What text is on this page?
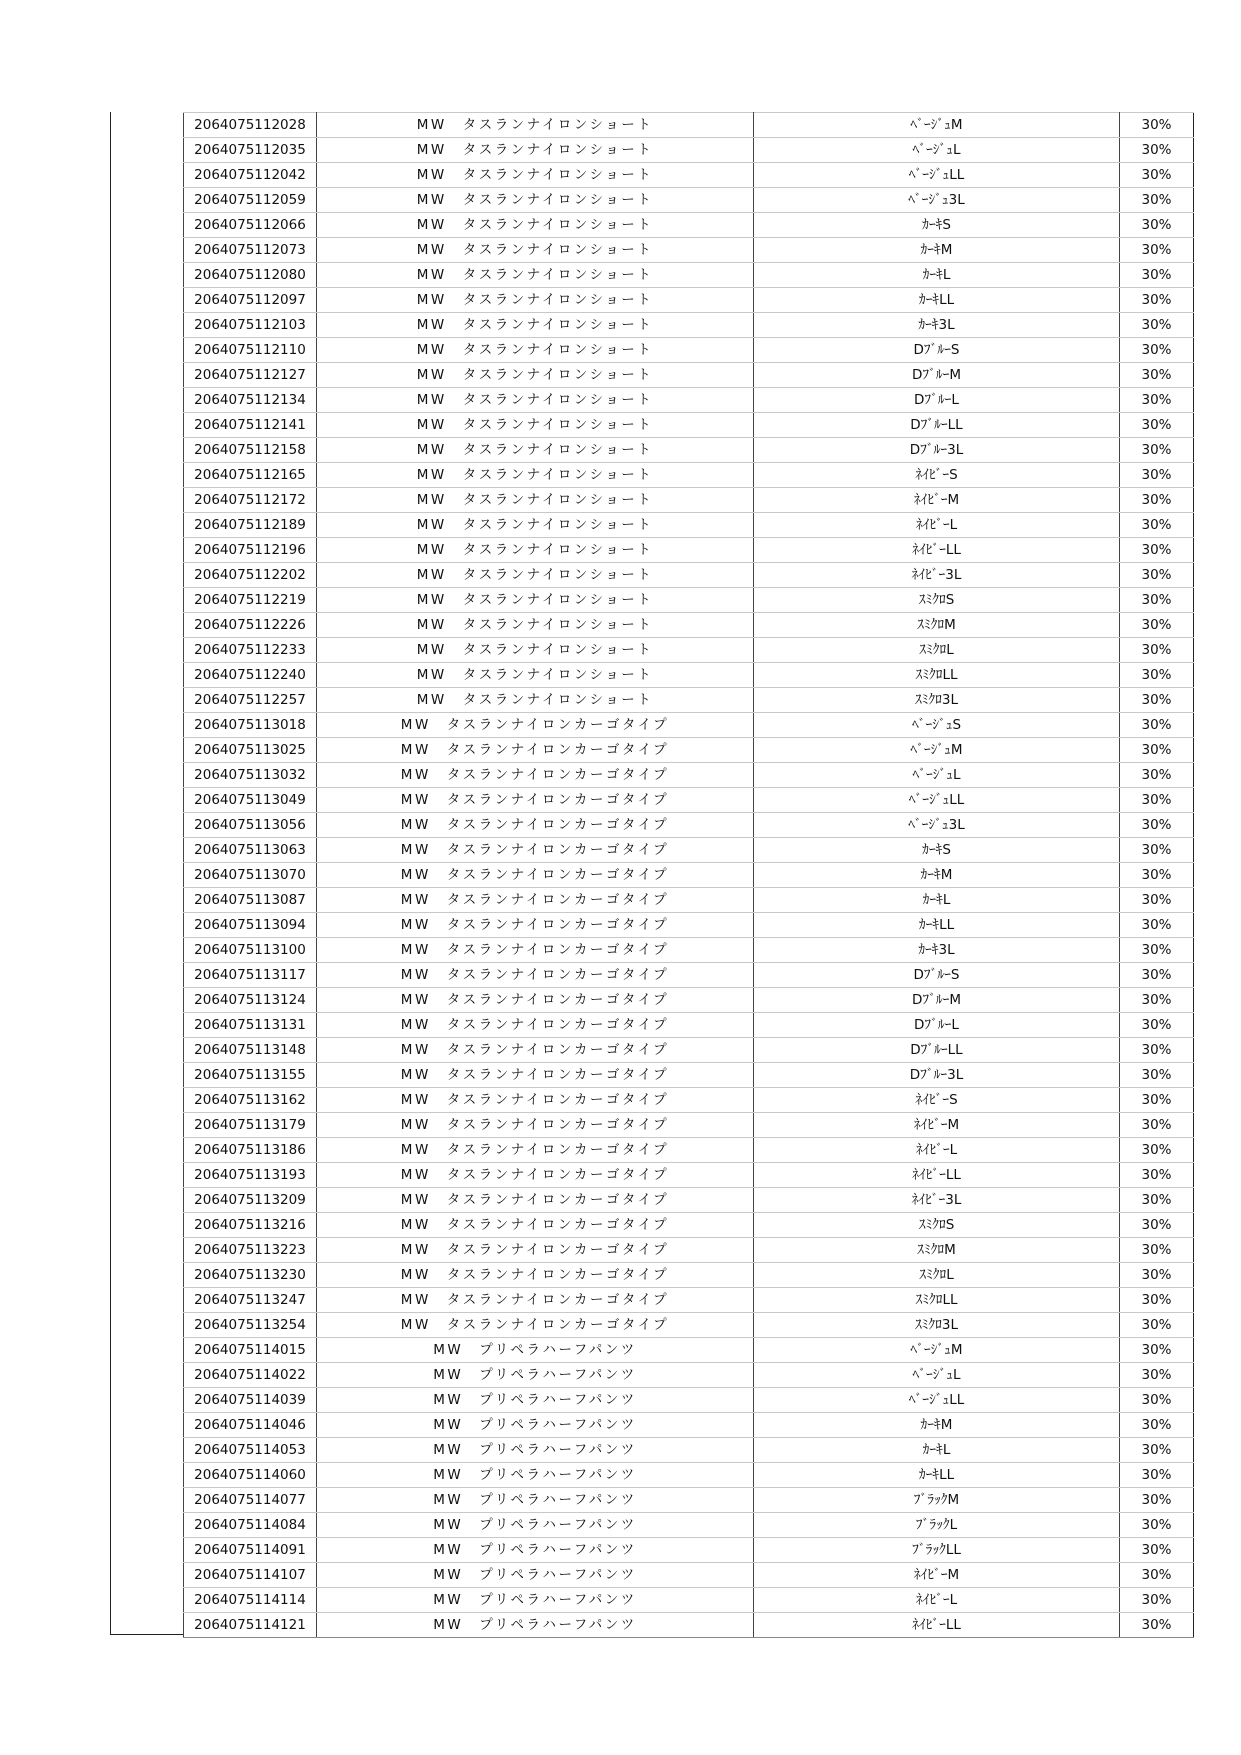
2064075112028	MW　タスランナイロンショート	ﾍﾞｰｼﾞｭM	30%
2064075112035	MW　タスランナイロンショート	ﾍﾞｰｼﾞｭL	30%
2064075112042	MW　タスランナイロンショート	ﾍﾞｰｼﾞｭLL	30%
2064075112059	MW　タスランナイロンショート	ﾍﾞｰｼﾞｭ3L	30%
2064075112066	MW　タスランナイロンショート	ｶｰｷS	30%
2064075112073	MW　タスランナイロンショート	ｶｰｷM	30%
2064075112080	MW　タスランナイロンショート	ｶｰｷL	30%
2064075112097	MW　タスランナイロンショート	ｶｰｷLL	30%
2064075112103	MW　タスランナイロンショート	ｶｰｷ3L	30%
2064075112110	MW　タスランナイロンショート	DﾌﾞﾙｰS	30%
2064075112127	MW　タスランナイロンショート	DﾌﾞﾙｰM	30%
2064075112134	MW　タスランナイロンショート	DﾌﾞﾙｰL	30%
2064075112141	MW　タスランナイロンショート	DﾌﾞﾙｰLL	30%
2064075112158	MW　タスランナイロンショート	Dﾌﾞﾙｰ3L	30%
2064075112165	MW　タスランナイロンショート	ﾈｲﾋﾞｰS	30%
2064075112172	MW　タスランナイロンショート	ﾈｲﾋﾞｰM	30%
2064075112189	MW　タスランナイロンショート	ﾈｲﾋﾞｰL	30%
2064075112196	MW　タスランナイロンショート	ﾈｲﾋﾞｰLL	30%
2064075112202	MW　タスランナイロンショート	ﾈｲﾋﾞｰ3L	30%
2064075112219	MW　タスランナイロンショート	ｽﾐｸﾛS	30%
2064075112226	MW　タスランナイロンショート	ｽﾐｸﾛM	30%
2064075112233	MW　タスランナイロンショート	ｽﾐｸﾛL	30%
2064075112240	MW　タスランナイロンショート	ｽﾐｸﾛLL	30%
2064075112257	MW　タスランナイロンショート	ｽﾐｸﾛ3L	30%
2064075113018	MW　タスランナイロンカーゴタイプ	ﾍﾞｰｼﾞｭS	30%
2064075113025	MW　タスランナイロンカーゴタイプ	ﾍﾞｰｼﾞｭM	30%
2064075113032	MW　タスランナイロンカーゴタイプ	ﾍﾞｰｼﾞｭL	30%
2064075113049	MW　タスランナイロンカーゴタイプ	ﾍﾞｰｼﾞｭLL	30%
2064075113056	MW　タスランナイロンカーゴタイプ	ﾍﾞｰｼﾞｭ3L	30%
2064075113063	MW　タスランナイロンカーゴタイプ	ｶｰｷS	30%
2064075113070	MW　タスランナイロンカーゴタイプ	ｶｰｷM	30%
2064075113087	MW　タスランナイロンカーゴタイプ	ｶｰｷL	30%
2064075113094	MW　タスランナイロンカーゴタイプ	ｶｰｷLL	30%
2064075113100	MW　タスランナイロンカーゴタイプ	ｶｰｷ3L	30%
2064075113117	MW　タスランナイロンカーゴタイプ	DﾌﾞﾙｰS	30%
2064075113124	MW　タスランナイロンカーゴタイプ	DﾌﾞﾙｰM	30%
2064075113131	MW　タスランナイロンカーゴタイプ	DﾌﾞﾙｰL	30%
2064075113148	MW　タスランナイロンカーゴタイプ	DﾌﾞﾙｰLL	30%
2064075113155	MW　タスランナイロンカーゴタイプ	Dﾌﾞﾙｰ3L	30%
2064075113162	MW　タスランナイロンカーゴタイプ	ﾈｲﾋﾞｰS	30%
2064075113179	MW　タスランナイロンカーゴタイプ	ﾈｲﾋﾞｰM	30%
2064075113186	MW　タスランナイロンカーゴタイプ	ﾈｲﾋﾞｰL	30%
2064075113193	MW　タスランナイロンカーゴタイプ	ﾈｲﾋﾞｰLL	30%
2064075113209	MW　タスランナイロンカーゴタイプ	ﾈｲﾋﾞｰ3L	30%
2064075113216	MW　タスランナイロンカーゴタイプ	ｽﾐｸﾛS	30%
2064075113223	MW　タスランナイロンカーゴタイプ	ｽﾐｸﾛM	30%
2064075113230	MW　タスランナイロンカーゴタイプ	ｽﾐｸﾛL	30%
2064075113247	MW　タスランナイロンカーゴタイプ	ｽﾐｸﾛLL	30%
2064075113254	MW　タスランナイロンカーゴタイプ	ｽﾐｸﾛ3L	30%
2064075114015	MW　プリペラハーフパンツ	ﾍﾞｰｼﾞｭM	30%
2064075114022	MW　プリペラハーフパンツ	ﾍﾞｰｼﾞｭL	30%
2064075114039	MW　プリペラハーフパンツ	ﾍﾞｰｼﾞｭLL	30%
2064075114046	MW　プリペラハーフパンツ	ｶｰｷM	30%
2064075114053	MW　プリペラハーフパンツ	ｶｰｷL	30%
2064075114060	MW　プリペラハーフパンツ	ｶｰｷLL	30%
2064075114077	MW　プリペラハーフパンツ	ﾌﾞﾗｯｸM	30%
2064075114084	MW　プリペラハーフパンツ	ﾌﾞﾗｯｸL	30%
2064075114091	MW　プリペラハーフパンツ	ﾌﾞﾗｯｸLL	30%
2064075114107	MW　プリペラハーフパンツ	ﾈｲﾋﾞｰM	30%
2064075114114	MW　プリペラハーフパンツ	ﾈｲﾋﾞｰL	30%
2064075114121	MW　プリペラハーフパンツ	ﾈｲﾋﾞｰLL	30%
